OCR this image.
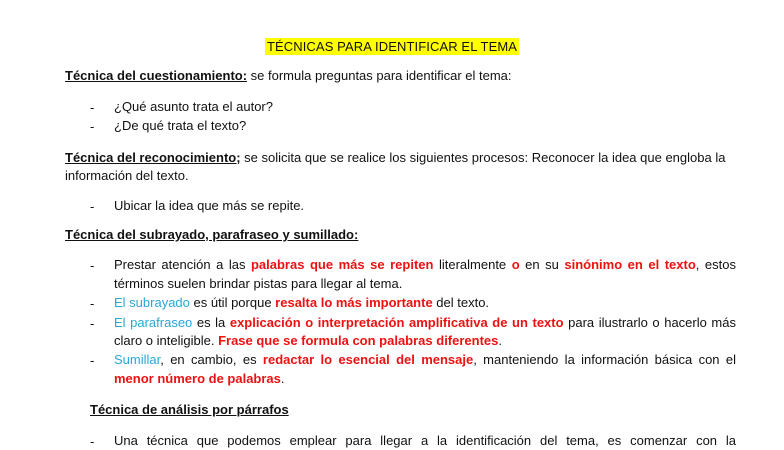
TÉCNICAS PARA IDENTIFICAR EL TEMA
Técnica del cuestionamiento: se formula preguntas para identificar el tema:
- ¿Qué asunto trata el autor?
- ¿De qué trata el texto?
Técnica del reconocimiento; se solicita que se realice los siguientes procesos: Reconocer la idea que engloba la
información del texto.
- Ubicar la idea que más se repite.
Técnica del subrayado, parafraseo y sumillado:
- Prestar atención a las palabras que más se repiten literalmente o en su sinónimo en el texto, estos
términos suelen brindar pistas para llegar al tema.
- El subrayado es útil porque resalta lo más importante del texto.
- El parafraseo es la explicación o interpretación amplificativa de un texto para ilustrarlo o hacerlo más
claro o inteligible. Frase que se formula con palabras diferentes.
- Sumillar, en cambio, es redactar lo esencial del mensaje, manteniendo la información básica con el
menor número de palabras.
Técnica de análisis por párrafos
- Una técnica que podemos emplear para llegar a la identificación del tema, es comenzar con la
